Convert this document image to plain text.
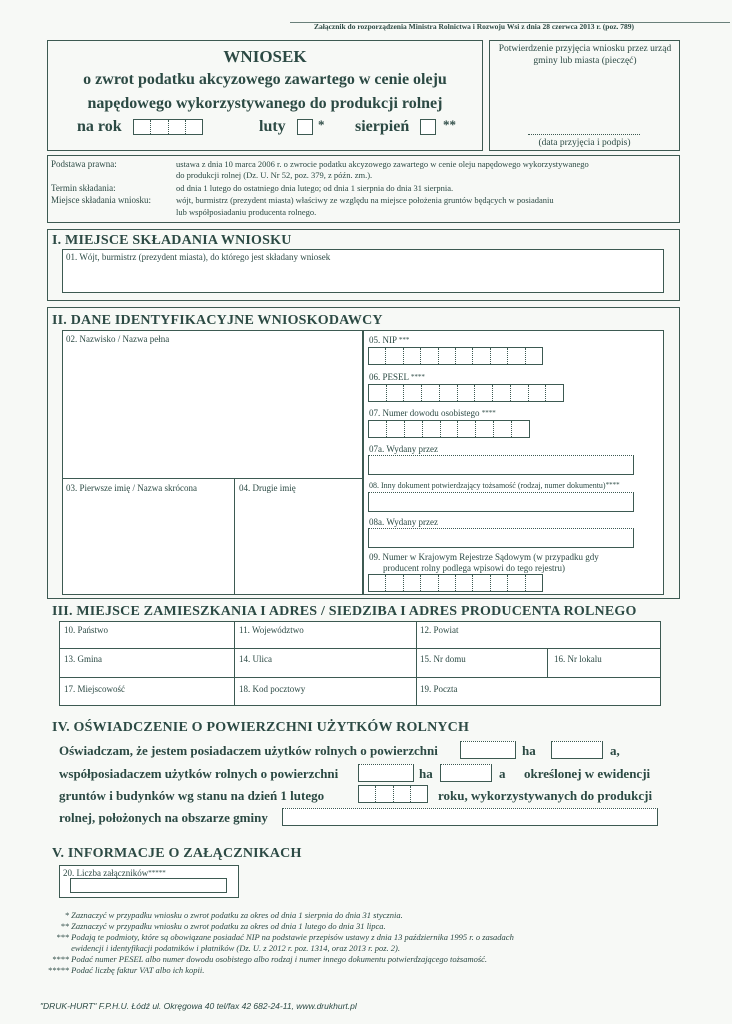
Załącznik do rozporządzenia Ministra Rolnictwa i Rozwoju Wsi z dnia 28 czerwca 2013 r. (poz. 789)
WNIOSEK
o zwrot podatku akcyzowego zawartego w cenie oleju
napędowego wykorzystywanego do produkcji rolnej
na rok	luty * sierpień	**
Potwierdzenie przyjęcia wniosku przez urząd gminy lub miasta (pieczęć)
(data przyjęcia i podpis)
Podstawa prawna:	ustawa z dnia 10 marca 2006 r. o zwrocie podatku akcyzowego zawartego w cenie oleju napędowego wykorzystywanego
do produkcji rolnej (Dz. U. Nr 52, poz. 379, z późn. zm.).
Termin składania:	od dnia 1 lutego do ostatniego dnia lutego; od dnia 1 sierpnia do dnia 31 sierpnia.
Miejsce składania wniosku:	wójt, burmistrz (prezydent miasta) właściwy ze względu na miejsce położenia gruntów będących w posiadaniu
lub współposiadaniu producenta rolnego.
I. MIEJSCE SKŁADANIA WNIOSKU
01. Wójt, burmistrz (prezydent miasta), do którego jest składany wniosek
II. DANE IDENTYFIKACYJNE WNIOSKODAWCY
02. Nazwisko / Nazwa pełna
03. Pierwsze imię / Nazwa skrócona	04. Drugie imię
05. NIP ***
06. PESEL ****
07. Numer dowodu osobistego ****
07a. Wydany przez
08. Inny dokument potwierdzający tożsamość (rodzaj, numer dokumentu)****
08a. Wydany przez
09. Numer w Krajowym Rejestrze Sądowym (w przypadku gdy
producent rolny podlega wpisowi do tego rejestru)
III. MIEJSCE ZAMIESZKANIA I ADRES / SIEDZIBA I ADRES PRODUCENTA ROLNEGO
10. Państwo	11. Województwo	12. Powiat
13. Gmina	14. Ulica	15. Nr domu	16. Nr lokalu
17. Miejscowość	18. Kod pocztowy	19. Poczta
IV. OŚWIADCZENIE O POWIERZCHNI UŻYTKÓW ROLNYCH
Oświadczam, że jestem posiadaczem użytków rolnych o powierzchni	ha	a,
współposiadaczem użytków rolnych o powierzchni	ha	a określonej w ewidencji
gruntów i budynków wg stanu na dzień 1 lutego	roku, wykorzystywanych do produkcji
rolnej, położonych na obszarze gminy
V. INFORMACJE O ZAŁĄCZNIKACH
20. Liczba załączników*****
* Zaznaczyć w przypadku wniosku o zwrot podatku za okres od dnia 1 sierpnia do dnia 31 stycznia.
** Zaznaczyć w przypadku wniosku o zwrot podatku za okres od dnia 1 lutego do dnia 31 lipca.
*** Podają te podmioty, które są obowiązane posiadać NIP na podstawie przepisów ustawy z dnia 13 października 1995 r. o zasadach
ewidencji i identyfikacji podatników i płatników (Dz. U. z 2012 r. poz. 1314, oraz 2013 r. poz. 2).
**** Podać numer PESEL albo numer dowodu osobistego albo rodzaj i numer innego dokumentu potwierdzającego tożsamość.
***** Podać liczbę faktur VAT albo ich kopii.
"DRUK-HURT" F.P.H.U. Łódź ul. Okręgowa 40 tel/fax 42 682-24-11, www.drukhurt.pl
